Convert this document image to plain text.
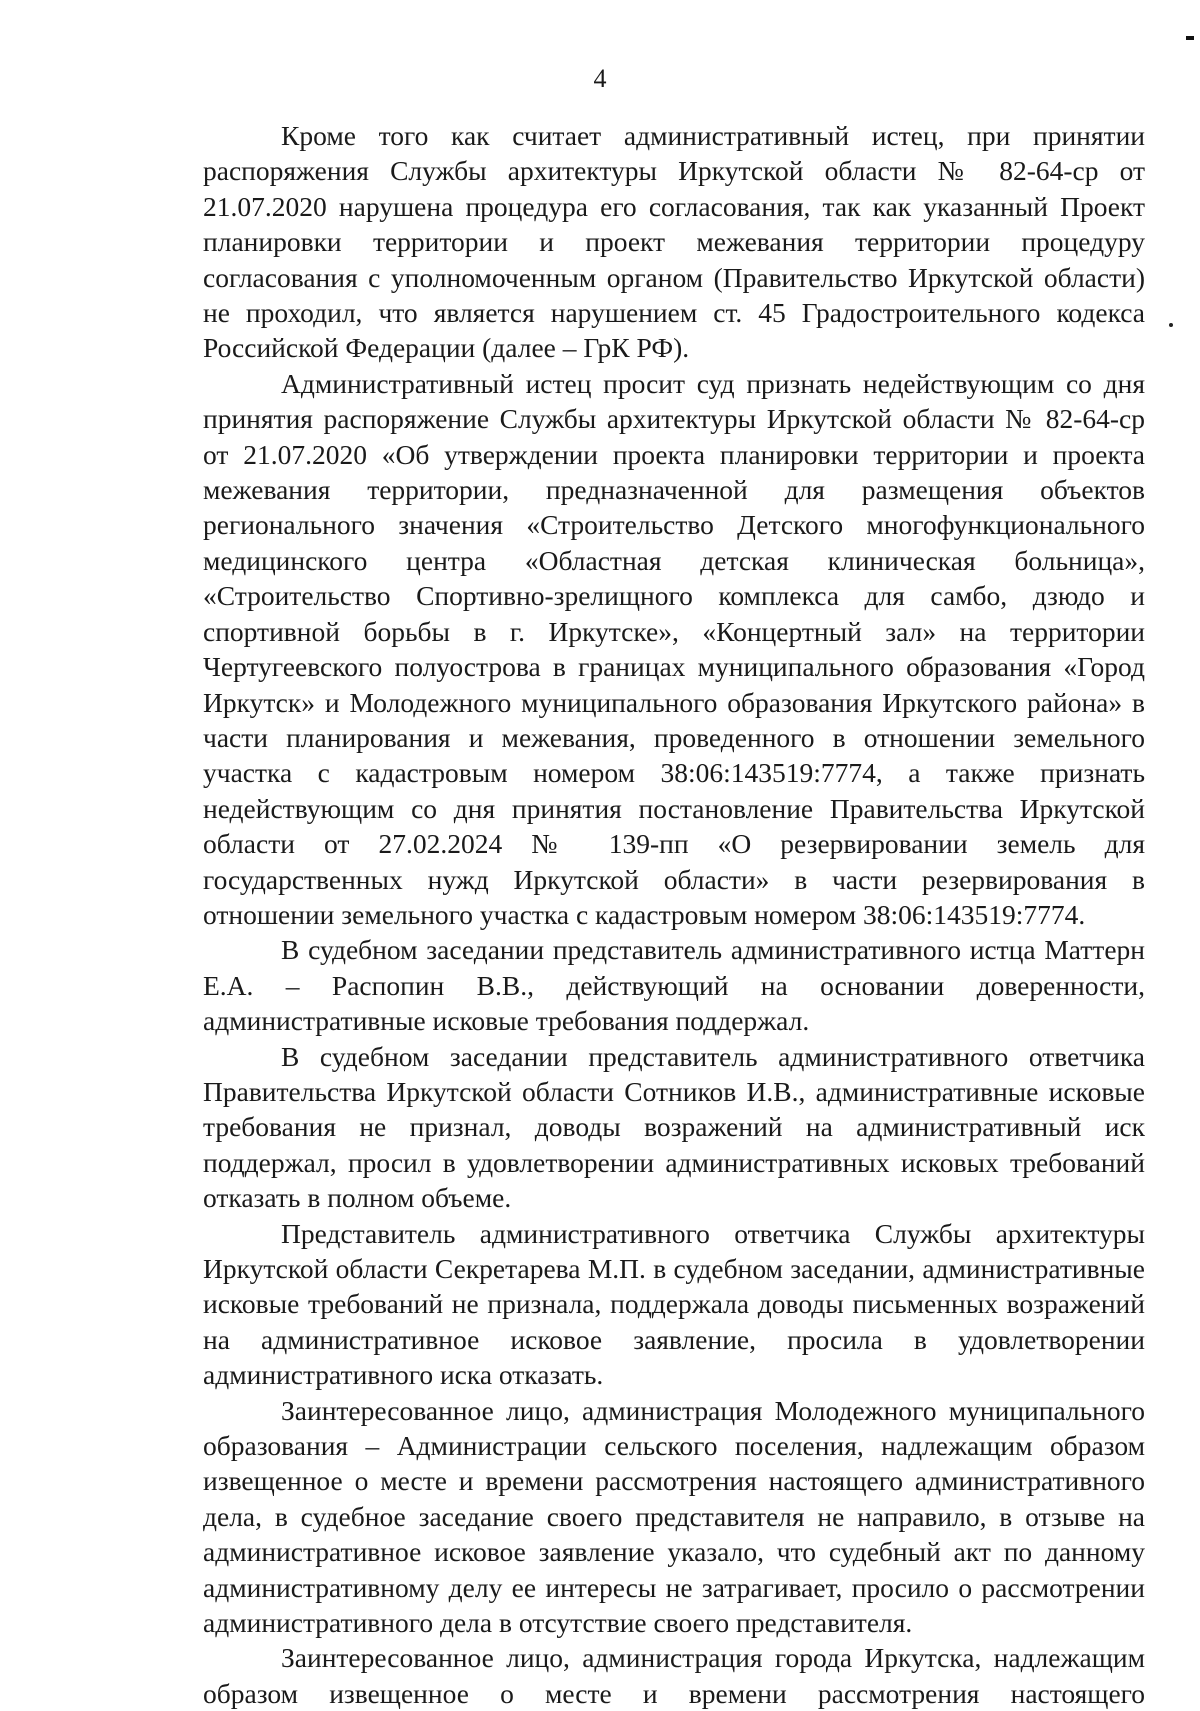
4

Кроме того как считает административный истец, при принятии распоряжения Службы архитектуры Иркутской области № 82-64-ср от 21.07.2020 нарушена процедура его согласования, так как указанный Проект планировки территории и проект межевания территории процедуру согласования с уполномоченным органом (Правительство Иркутской области) не проходил, что является нарушением ст. 45 Градостроительного кодекса Российской Федерации (далее – ГрК РФ).

Административный истец просит суд признать недействующим со дня принятия распоряжение Службы архитектуры Иркутской области № 82-64-ср от 21.07.2020 «Об утверждении проекта планировки территории и проекта межевания территории, предназначенной для размещения объектов регионального значения «Строительство Детского многофункционального медицинского центра «Областная детская клиническая больница», «Строительство Спортивно-зрелищного комплекса для самбо, дзюдо и спортивной борьбы в г. Иркутске», «Концертный зал» на территории Чертугеевского полуострова в границах муниципального образования «Город Иркутск» и Молодежного муниципального образования Иркутского района» в части планирования и межевания, проведенного в отношении земельного участка с кадастровым номером 38:06:143519:7774, а также признать недействующим со дня принятия постановление Правительства Иркутской области от 27.02.2024 № 139-пп «О резервировании земель для государственных нужд Иркутской области» в части резервирования в отношении земельного участка с кадастровым номером 38:06:143519:7774.

В судебном заседании представитель административного истца Маттерн Е.А. – Распопин В.В., действующий на основании доверенности, административные исковые требования поддержал.

В судебном заседании представитель административного ответчика Правительства Иркутской области Сотников И.В., административные исковые требования не признал, доводы возражений на административный иск поддержал, просил в удовлетворении административных исковых требований отказать в полном объеме.

Представитель административного ответчика Службы архитектуры Иркутской области Секретарева М.П. в судебном заседании, административные исковые требований не признала, поддержала доводы письменных возражений на административное исковое заявление, просила в удовлетворении административного иска отказать.

Заинтересованное лицо, администрация Молодежного муниципального образования – Администрации сельского поселения, надлежащим образом извещенное о месте и времени рассмотрения настоящего административного дела, в судебное заседание своего представителя не направило, в отзыве на административное исковое заявление указало, что судебный акт по данному административному делу ее интересы не затрагивает, просило о рассмотрении административного дела в отсутствие своего представителя.

Заинтересованное лицо, администрация города Иркутска, надлежащим образом извещенное о месте и времени рассмотрения настоящего
